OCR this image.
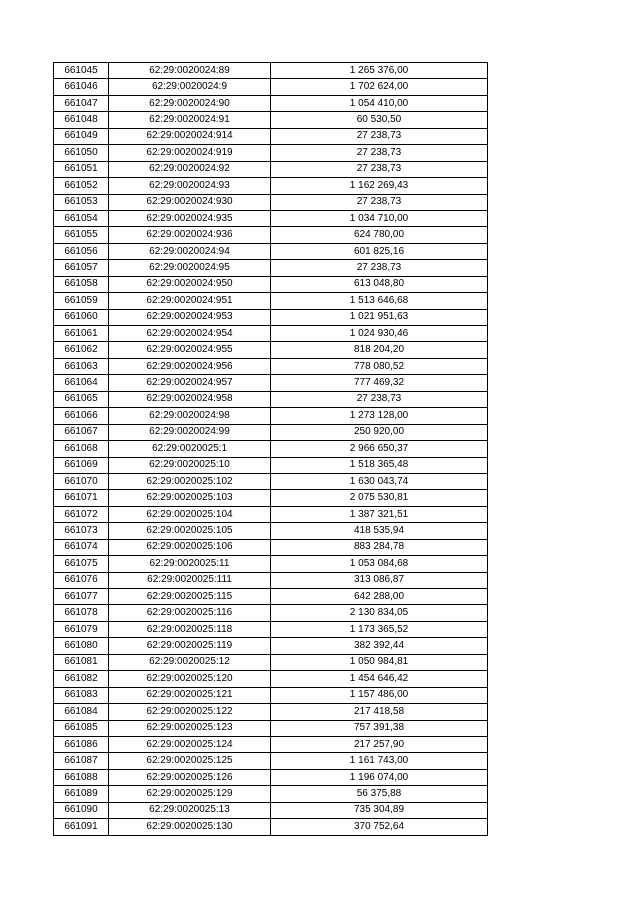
661045	62:29:0020024:89	1 265 376,00
661046	62:29:0020024:9	1 702 624,00
661047	62:29:0020024:90	1 054 410,00
661048	62:29:0020024:91	60 530,50
661049	62:29:0020024:914	27 238,73
661050	62:29:0020024:919	27 238,73
661051	62:29:0020024:92	27 238,73
661052	62:29:0020024:93	1 162 269,43
661053	62:29:0020024:930	27 238,73
661054	62:29:0020024:935	1 034 710,00
661055	62:29:0020024:936	624 780,00
661056	62:29:0020024:94	601 825,16
661057	62:29:0020024:95	27 238,73
661058	62:29:0020024:950	613 048,80
661059	62:29:0020024:951	1 513 646,68
661060	62:29:0020024:953	1 021 951,63
661061	62:29:0020024:954	1 024 930,46
661062	62:29:0020024:955	818 204,20
661063	62:29:0020024:956	778 080,52
661064	62:29:0020024:957	777 469,32
661065	62:29:0020024:958	27 238,73
661066	62:29:0020024:98	1 273 128,00
661067	62:29:0020024:99	250 920,00
661068	62:29:0020025:1	2 966 650,37
661069	62:29:0020025:10	1 518 365,48
661070	62:29:0020025:102	1 630 043,74
661071	62:29:0020025:103	2 075 530,81
661072	62:29:0020025:104	1 387 321,51
661073	62:29:0020025:105	418 535,94
661074	62:29:0020025:106	883 284,78
661075	62:29:0020025:11	1 053 084,68
661076	62:29:0020025:111	313 086,87
661077	62:29:0020025:115	642 288,00
661078	62:29:0020025:116	2 130 834,05
661079	62:29:0020025:118	1 173 365,52
661080	62:29:0020025:119	382 392,44
661081	62:29:0020025:12	1 050 984,81
661082	62:29:0020025:120	1 454 646,42
661083	62:29:0020025:121	1 157 486,00
661084	62:29:0020025:122	217 418,58
661085	62:29:0020025:123	757 391,38
661086	62:29:0020025:124	217 257,90
661087	62:29:0020025:125	1 161 743,00
661088	62:29:0020025:126	1 196 074,00
661089	62:29:0020025:129	56 375,88
661090	62:29:0020025:13	735 304,89
661091	62:29:0020025:130	370 752,64
